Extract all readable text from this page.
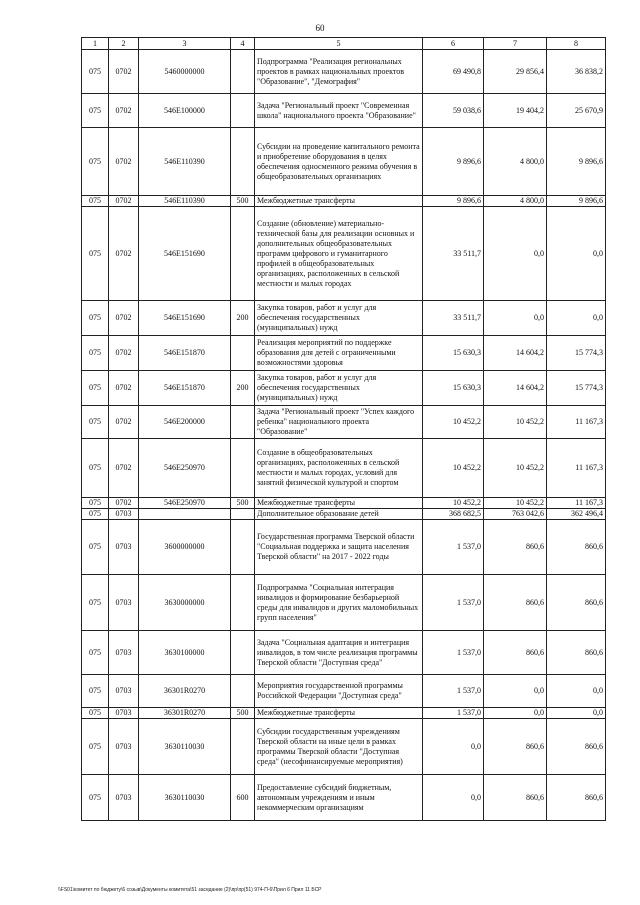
60
1	2	3	4	5	6	7	8
075	0702	5460000000		Подпрограмма "Реализация региональных проектов в рамках национальных проектов "Образование", "Демография"	69 490,8	29 856,4	36 838,2
075	0702	546E100000		Задача "Региональный проект "Современная школа" национального проекта "Образование"	59 038,6	19 404,2	25 670,9
075	0702	546E110390		Субсидии на проведение капитального ремонта и приобретение оборудования в целях обеспечения односменного режима обучения в общеобразовательных организациях	9 896,6	4 800,0	9 896,6
075	0702	546E110390	500	Межбюджетные трансферты	9 896,6	4 800,0	9 896,6
075	0702	546E151690		Создание (обновление) материально-технической базы для реализации основных и дополнительных общеобразовательных программ цифрового и гуманитарного профилей в общеобразовательных организациях, расположенных в сельской местности и малых городах	33 511,7	0,0	0,0
075	0702	546E151690	200	Закупка товаров, работ и услуг для обеспечения государственных (муниципальных) нужд	33 511,7	0,0	0,0
075	0702	546E151870		Реализация мероприятий по поддержке образования для детей с ограниченными возможностями здоровья	15 630,3	14 604,2	15 774,3
075	0702	546E151870	200	Закупка товаров, работ и услуг для обеспечения государственных (муниципальных) нужд	15 630,3	14 604,2	15 774,3
075	0702	546E200000		Задача "Региональный проект "Успех каждого ребенка" национального проекта "Образование"	10 452,2	10 452,2	11 167,3
075	0702	546E250970		Создание в общеобразовательных организациях, расположенных в сельской местности и малых городах, условий для занятий физической культурой и спортом	10 452,2	10 452,2	11 167,3
075	0702	546E250970	500	Межбюджетные трансферты	10 452,2	10 452,2	11 167,3
075	0703			Дополнительное образование детей	368 682,5	763 042,6	362 496,4
075	0703	3600000000		Государственная программа Тверской области "Социальная поддержка и защита населения Тверской области" на 2017 - 2022 годы	1 537,0	860,6	860,6
075	0703	3630000000		Подпрограмма "Социальная интеграция инвалидов и формирование безбарьерной среды для инвалидов и других маломобильных групп населения"	1 537,0	860,6	860,6
075	0703	3630100000		Задача "Социальная адаптация и интеграция инвалидов, в том числе реализация программы Тверской области "Доступная среда"	1 537,0	860,6	860,6
075	0703	36301R0270		Мероприятия государственной программы Российской Федерации "Доступная среда"	1 537,0	0,0	0,0
075	0703	36301R0270	500	Межбюджетные трансферты	1 537,0	0,0	0,0
075	0703	3630110030		Субсидии государственным учреждениям Тверской области на иные цели в рамках программы Тверской области "Доступная среда" (несофинансируемые мероприятия)	0,0	860,6	860,6
075	0703	3630110030	600	Предоставление субсидий бюджетным, автономным учреждениям и иным некоммерческим организациям	0,0	860,6	860,6
\\FS01\комитет по бюджету\6 созыв\Документы комитета\51 заседание (2)\пр\пр(51) 974-П-6\Прил 6 Прил 11 БСР
